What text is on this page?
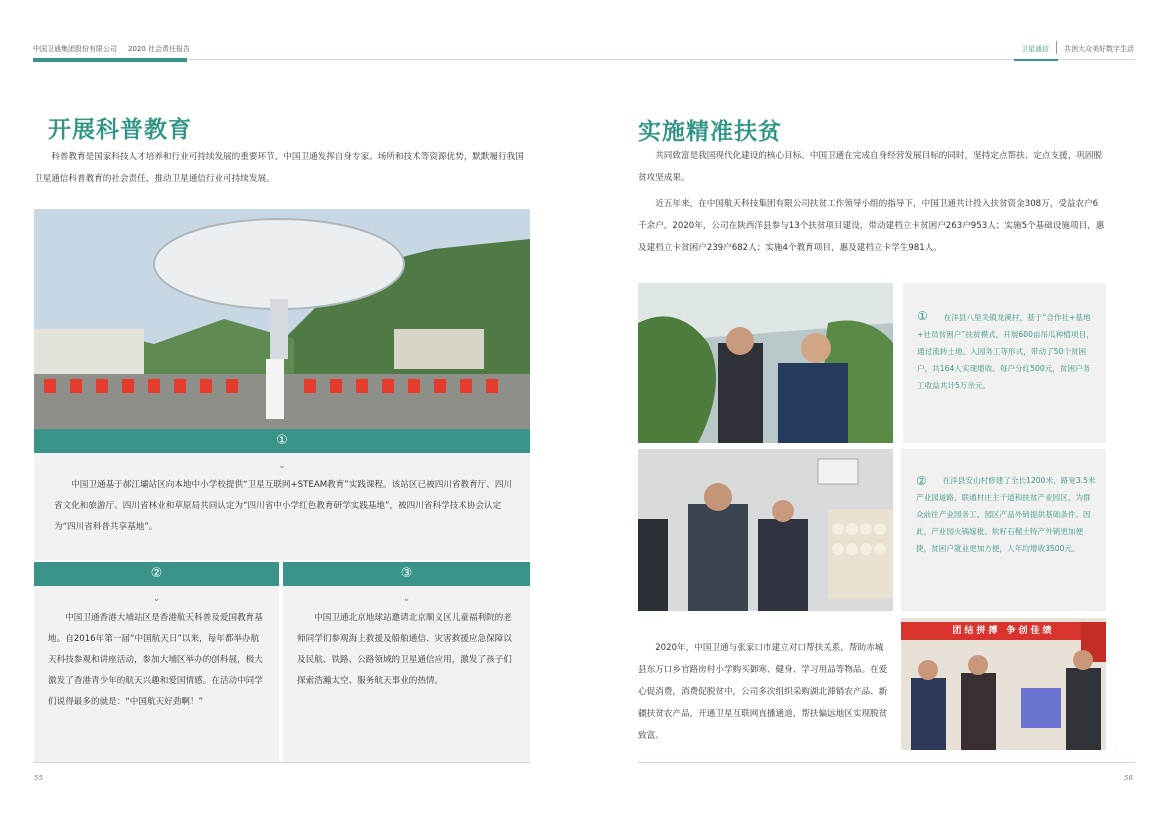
中国卫通集团股份有限公司 2020 社会责任报告	卫星通信 共创大众美好数字生活
开展科普教育
科普教育是国家科技人才培养和行业可持续发展的重要环节。中国卫通发挥自身专家、场所和技术等资源优势，默默履行我国卫星通信科普教育的社会责任，推动卫星通信行业可持续发展。
①
⌄
中国卫通基于郝江壩站区向本地中小学校提供“卫星互联网+STEAM教育”实践课程。该站区已被四川省教育厅、四川省文化和旅游厅、四川省林业和草原局共同认定为“四川省中小学红色教育研学实践基地”，被四川省科学技术协会认定为“四川省科普共享基地”。
②
⌄
中国卫通香港大埔站区是香港航天科普及爱国教育基地。自2016年第一届“中国航天日”以来，每年都举办航天科技参观和讲座活动，参加大埔区举办的创科展，极大激发了香港青少年的航天兴趣和爱国情感。在活动中同学们说得最多的就是：“中国航天好劲啊！”
③
⌄
中国卫通北京地球站邀请北京顺义区儿童福利院的老师同学们参观海上救援及船舶通信、灾害救援应急保障以及民航、铁路、公路领域的卫星通信应用，激发了孩子们探索浩瀚太空、服务航天事业的热情。
55
实施精准扶贫
共同致富是我国现代化建设的核心目标。中国卫通在完成自身经营发展目标的同时，坚持定点帮扶、定点支援，巩固脱贫攻坚成果。
近五年来，在中国航天科技集团有限公司扶贫工作领导小组的指导下，中国卫通共计投入扶贫资金308万，受益农户6千余户。2020年，公司在陕西洋县参与13个扶贫项目建设，带动建档立卡贫困户263户953人；实施5个基础设施项目，惠及建档立卡贫困户239户682人；实施4个教育项目，惠及建档立卡学生981人。
①	在洋县八里关镇龙溪村，基于“合作社+基地+社员贫困户”扶贫模式，开展600亩吊瓜种植项目，通过流转土地、入园务工等形式，带动了50个贫困户，共164人实现增收。每户分红500元，贫困户务工收益共计5万余元。
②	在洋县安山村修建了全长1200米、路宽3.5米产业园道路，联通村庄主干道和扶贫产业园区，为群众前往产业园务工、园区产品外销提供基础条件。因此，产业园火锅嫁枇、软籽石榴土特产外销更加便捷，贫困户就业更加方便，人年均增收3500元。
2020年，中国卫通与张家口市建立对口帮扶关系，帮助赤城县东万口乡官路房村小学购买御寒、健身、学习用品等物品。在爱心促消费，消费促脱贫中，公司多次组织采购湖北滞销农产品、新疆扶贫农产品，开通卫星互联网直播通道，帮扶偏远地区实现脱贫致富。
团结拼搏 争创佳绩
56
